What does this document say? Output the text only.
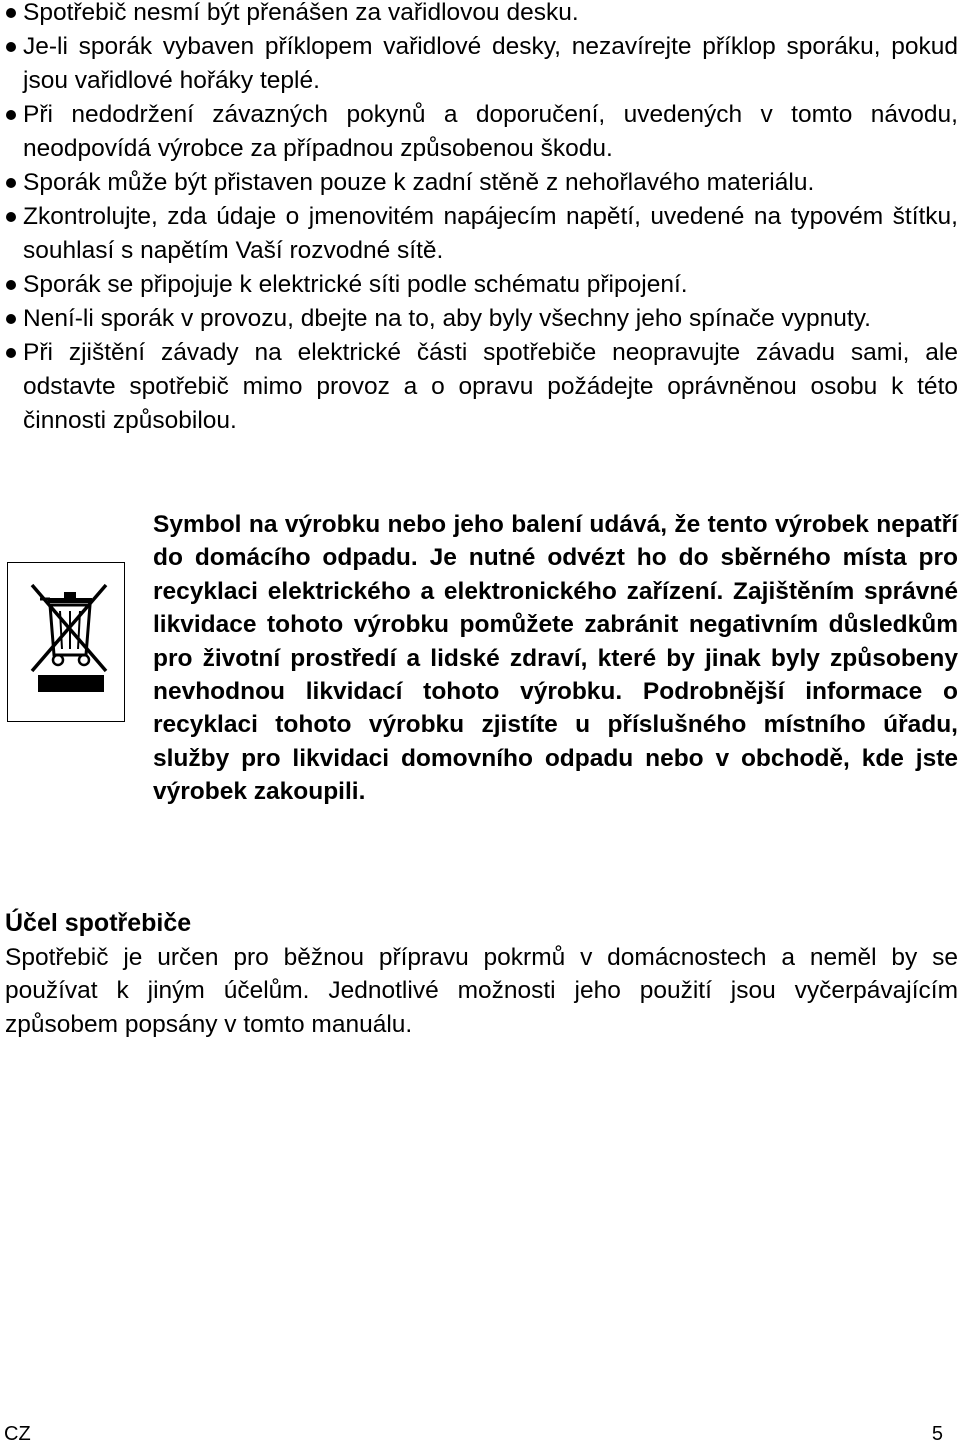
Spotřebič nesmí být přenášen za vařidlovou desku.
Je-li sporák vybaven příklopem vařidlové desky, nezavírejte příklop sporáku, pokud jsou vařidlové hořáky teplé.
Při nedodržení závazných pokynů a doporučení, uvedených v tomto návodu, neodpovídá výrobce za případnou způsobenou škodu.
Sporák může být přistaven pouze k zadní stěně z nehořlavého materiálu.
Zkontrolujte, zda údaje o jmenovitém napájecím napětí, uvedené na typovém štítku, souhlasí s napětím Vaší rozvodné sítě.
Sporák se připojuje k elektrické síti podle schématu připojení.
Není-li sporák v provozu, dbejte na to, aby byly všechny jeho spínače vypnuty.
Při zjištění závady na elektrické části spotřebiče neopravujte závadu sami, ale odstavte spotřebič mimo provoz a o opravu požádejte oprávněnou osobu k této činnosti způsobilou.

Symbol na výrobku nebo jeho balení udává, že tento výrobek nepatří do domácího odpadu. Je nutné odvézt ho do sběrného místa pro recyklaci elektrického a elektronického zařízení. Zajištěním správné likvidace tohoto výrobku pomůžete zabránit negativním důsledkům pro životní prostředí a lidské zdraví, které by jinak byly způsobeny nevhodnou likvidací tohoto výrobku. Podrobnější informace o recyklaci tohoto výrobku zjistíte u příslušného místního úřadu, služby pro likvidaci domovního odpadu nebo v obchodě, kde jste výrobek zakoupili.

Účel spotřebiče

Spotřebič je určen pro běžnou přípravu pokrmů v domácnostech a neměl by se používat k jiným účelům. Jednotlivé možnosti jeho použití jsou vyčerpávajícím způsobem popsány v tomto manuálu.

CZ	5
